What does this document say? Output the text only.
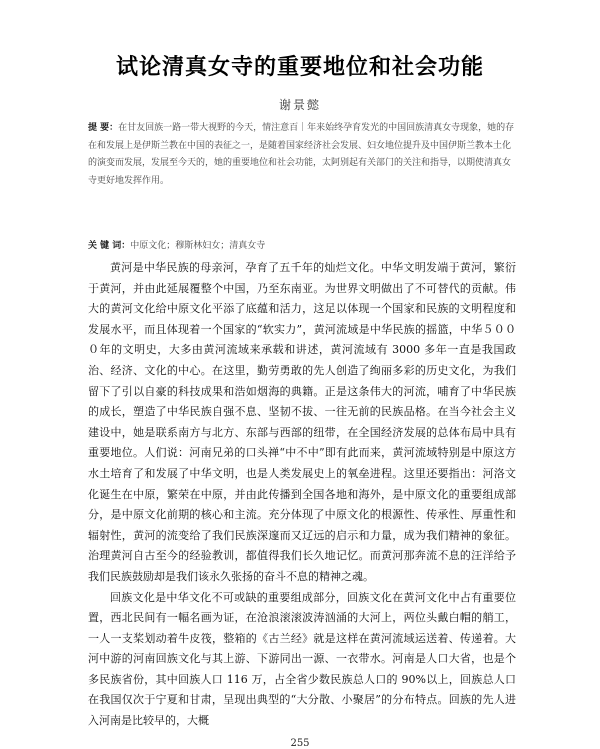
试论清真女寺的重要地位和社会功能
谢景懿
提 要：在甘友回族一路一带大视野的今天，情注意百｜年来始终孕育发光的中国回族清真女寺现象，她的存在和发展上是伊斯兰教在中国的表征之一，是随着国家经济社会发展、妇女地位提升及中国伊斯兰教本土化的演变而发展，发展至今天的，她的重要地位和社会功能，太阿别起有关部门的关注和指导，以期使清真女寺更好地发挥作用。
关 键 词：中原文化；穆斯林妇女；清真女寺

黄河是中华民族的母亲河，孕育了五千年的灿烂文化。中华文明发端于黄河，繁衍于黄河，并由此延展覆整个中国，乃至东南亚。为世界文明做出了不可替代的贡献。伟大的黄河文化给中原文化平添了底蕴和活力，这足以体现一个国家和民族的文明程度和发展水平，而且体现着一个国家的“软实力”，黄河流域是中华民族的摇篮，中华５０００年的文明史，大多由黄河流域来承载和讲述，黄河流域有 3000 多年一直是我国政治、经济、文化的中心。在这里，勤劳勇敢的先人创造了绚丽多彩的历史文化，为我们留下了引以自豪的科技成果和浩如烟海的典籍。正是这条伟大的河流，哺育了中华民族的成长，塑造了中华民族自强不息、坚韧不拔、一往无前的民族品格。在当今社会主义建设中，她是联系南方与北方、东部与西部的纽带，在全国经济发展的总体布局中具有重要地位。人们说：河南兄弟的口头禅“中不中”即有此而来，黄河流域特别是中原这方水土培育了和发展了中华文明，也是人类发展史上的氧垒进程。这里还要指出：河洛文化诞生在中原，繁荣在中原，并由此传播到全国各地和海外，是中原文化的重要组成部分，是中原文化前期的核心和主流。充分体现了中原文化的根源性、传承性、厚重性和辐射性，黄河的流变给了我们民族深邃而又辽远的启示和力量，成为我们精神的象征。治理黄河自古至今的经验教训，都值得我们长久地记忆。而黄河那奔流不息的汪洋给予我们民族鼓励却是我们该永久张扬的奋斗不息的精神之魂。

回族文化是中华文化不可或缺的重要组成部分，回族文化在黄河文化中占有重要位置，西北民间有一幅名画为证，在沧浪滚滚波涛汹涌的大河上，两位头戴白帽的艄工，一人一支桨划动着牛皮筏，整箱的《古兰经》就是这样在黄河流域运送着、传递着。大河中游的河南回族文化与其上游、下游同出一源、一衣带水。河南是人口大省，也是个多民族省份，其中回族人口 116 万，占全省少数民族总人口的 90%以上，回族总人口在我国仅次于宁夏和甘肃，呈现出典型的“大分散、小聚居”的分布特点。回族的先人进入河南是比较早的，大概

255
